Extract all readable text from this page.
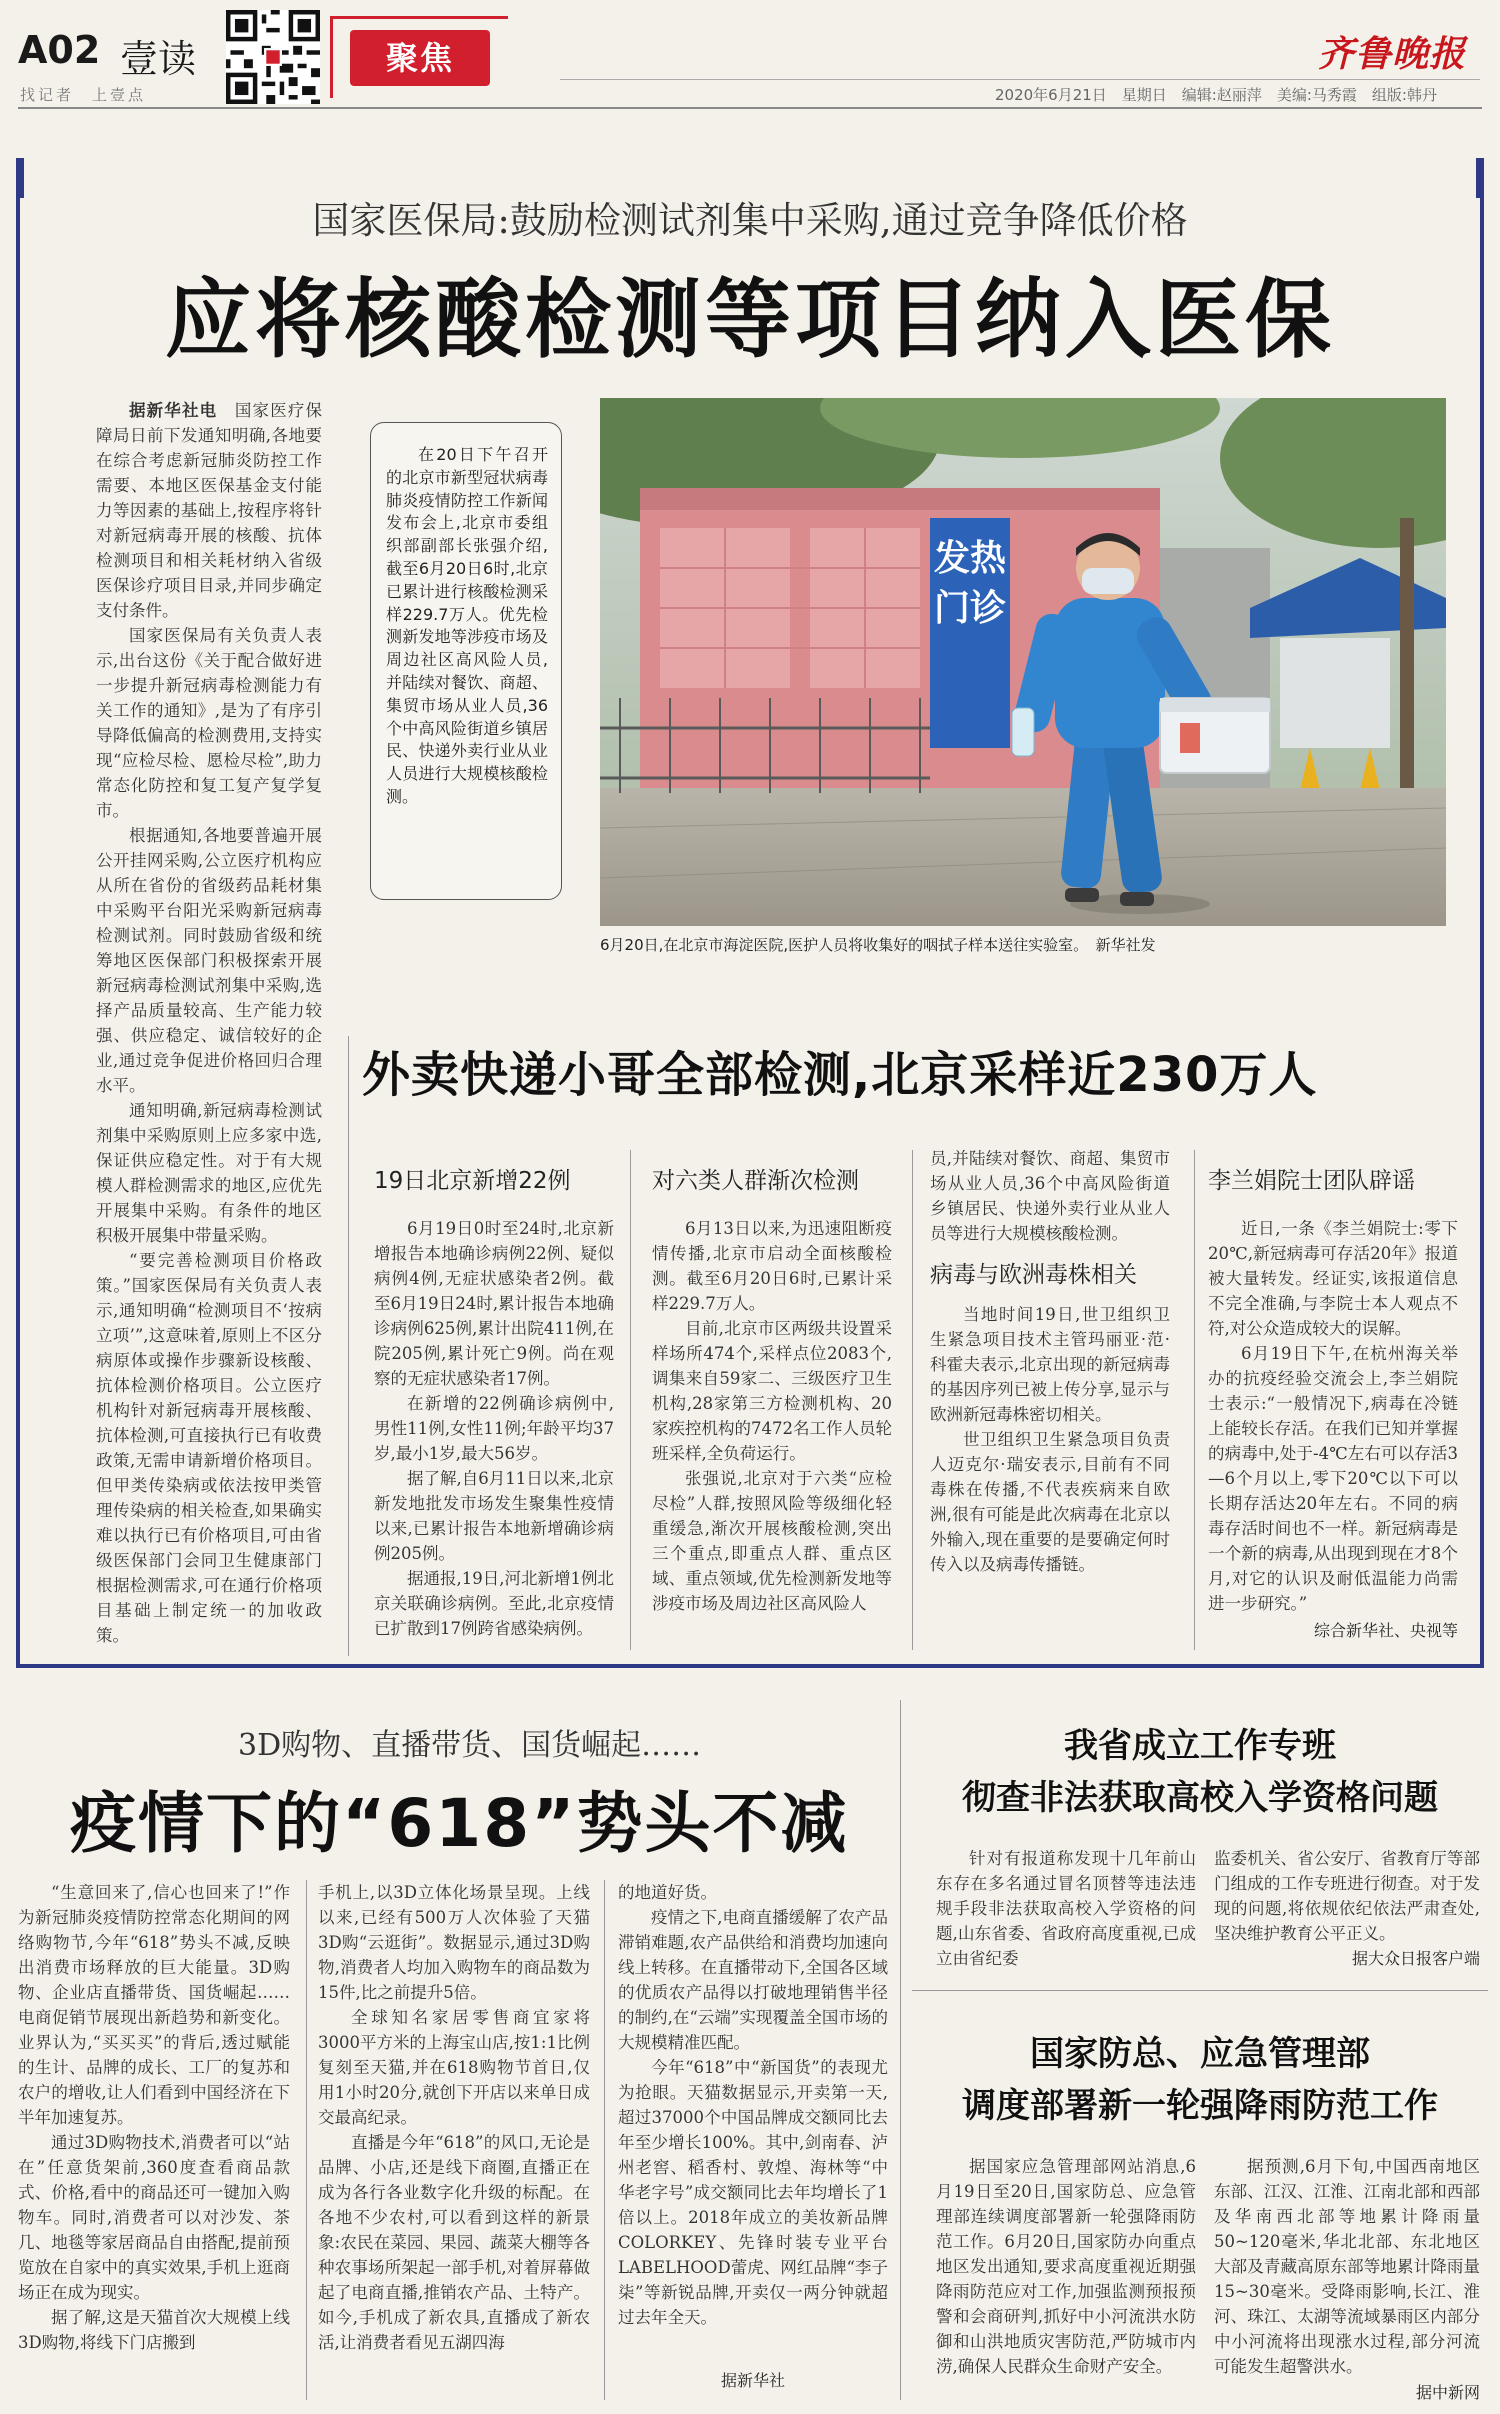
A02 壹读
找记者　上壹点
聚焦	齐鲁晚报
2020年6月21日　星期日　编辑:赵丽萍　美编:马秀霞　组版:韩丹
国家医保局:鼓励检测试剂集中采购,通过竞争降低价格
应将核酸检测等项目纳入医保

据新华社电　 国家医疗保障局日前下发通知明确,各地要在综合考虑新冠肺炎防控工作需要、本地区医保基金支付能力等因素的基础上,按程序将针对新冠病毒开展的核酸、抗体检测项目和相关耗材纳入省级医保诊疗项目目录,并同步确定支付条件。

国家医保局有关负责人表示,出台这份《关于配合做好进一步提升新冠病毒检测能力有关工作的通知》,是为了有序引导降低偏高的检测费用,支持实现“应检尽检、愿检尽检”,助力常态化防控和复工复产复学复市。

根据通知,各地要普遍开展公开挂网采购,公立医疗机构应从所在省份的省级药品耗材集中采购平台阳光采购新冠病毒检测试剂。同时鼓励省级和统筹地区医保部门积极探索开展新冠病毒检测试剂集中采购,选择产品质量较高、生产能力较强、供应稳定、诚信较好的企业,通过竞争促进价格回归合理水平。

通知明确,新冠病毒检测试剂集中采购原则上应多家中选,保证供应稳定性。对于有大规模人群检测需求的地区,应优先开展集中采购。有条件的地区积极开展集中带量采购。

“要完善检测项目价格政策。”国家医保局有关负责人表示,通知明确“检测项目不‘按病立项’”,这意味着,原则上不区分病原体或操作步骤新设核酸、抗体检测价格项目。公立医疗机构针对新冠病毒开展核酸、抗体检测,可直接执行已有收费政策,无需申请新增价格项目。但甲类传染病或依法按甲类管理传染病的相关检查,如果确实难以执行已有价格项目,可由省级医保部门会同卫生健康部门根据检测需求,可在通行价格项目基础上制定统一的加收政策。

在20日下午召开的北京市新型冠状病毒肺炎疫情防控工作新闻发布会上,北京市委组织部副部长张强介绍,截至6月20日6时,北京已累计进行核酸检测采样229.7万人。优先检测新发地等涉疫市场及周边社区高风险人员,并陆续对餐饮、商超、集贸市场从业人员,36个中高风险街道乡镇居民、快递外卖行业从业人员进行大规模核酸检测。

发热门诊
6月20日,在北京市海淀医院,医护人员将收集好的咽拭子样本送往实验室。　新华社发
外卖快递小哥全部检测,北京采样近230万人
19日北京新增22例

6月19日0时至24时,北京新增报告本地确诊病例22例、疑似病例4例,无症状感染者2例。截至6月19日24时,累计报告本地确诊病例625例,累计出院411例,在院205例,累计死亡9例。尚在观察的无症状感染者17例。

在新增的22例确诊病例中,男性11例,女性11例;年龄平均37岁,最小1岁,最大56岁。

据了解,自6月11日以来,北京新发地批发市场发生聚集性疫情以来,已累计报告本地新增确诊病例205例。

据通报,19日,河北新增1例北京关联确诊病例。至此,北京疫情已扩散到17例跨省感染病例。

对六类人群渐次检测

6月13日以来,为迅速阻断疫情传播,北京市启动全面核酸检测。截至6月20日6时,已累计采样229.7万人。

目前,北京市区两级共设置采样场所474个,采样点位2083个,调集来自59家二、三级医疗卫生机构,28家第三方检测机构、20家疾控机构的7472名工作人员轮班采样,全负荷运行。

张强说,北京对于六类“应检尽检”人群,按照风险等级细化轻重缓急,渐次开展核酸检测,突出三个重点,即重点人群、重点区域、重点领域,优先检测新发地等涉疫市场及周边社区高风险人

员,并陆续对餐饮、商超、集贸市场从业人员,36个中高风险街道乡镇居民、快递外卖行业从业人员等进行大规模核酸检测。

病毒与欧洲毒株相关

当地时间19日,世卫组织卫生紧急项目技术主管玛丽亚·范·科霍夫表示,北京出现的新冠病毒的基因序列已被上传分享,显示与欧洲新冠毒株密切相关。

世卫组织卫生紧急项目负责人迈克尔·瑞安表示,目前有不同毒株在传播,不代表疾病来自欧洲,很有可能是此次病毒在北京以外输入,现在重要的是要确定何时传入以及病毒传播链。

李兰娟院士团队辟谣

近日,一条《李兰娟院士:零下20℃,新冠病毒可存活20年》报道被大量转发。经证实,该报道信息不完全准确,与李院士本人观点不符,对公众造成较大的误解。

6月19日下午,在杭州海关举办的抗疫经验交流会上,李兰娟院士表示:“一般情况下,病毒在冷链上能较长存活。在我们已知并掌握的病毒中,处于-4℃左右可以存活3—6个月以上,零下20℃以下可以长期存活达20年左右。不同的病毒存活时间也不一样。新冠病毒是一个新的病毒,从出现到现在才8个月,对它的认识及耐低温能力尚需进一步研究。”

综合新华社、央视等
3D购物、直播带货、国货崛起……
疫情下的“618”势头不减

“生意回来了,信心也回来了!”作为新冠肺炎疫情防控常态化期间的网络购物节,今年“618”势头不减,反映出消费市场释放的巨大能量。3D购物、企业店直播带货、国货崛起……电商促销节展现出新趋势和新变化。业界认为,“买买买”的背后,透过赋能的生计、品牌的成长、工厂的复苏和农户的增收,让人们看到中国经济在下半年加速复苏。

通过3D购物技术,消费者可以“站在”任意货架前,360度查看商品款式、价格,看中的商品还可一键加入购物车。同时,消费者可以对沙发、茶几、地毯等家居商品自由搭配,提前预览放在自家中的真实效果,手机上逛商场正在成为现实。

据了解,这是天猫首次大规模上线3D购物,将线下门店搬到

手机上,以3D立体化场景呈现。上线以来,已经有500万人次体验了天猫3D购“云逛街”。数据显示,通过3D购物,消费者人均加入购物车的商品数为15件,比之前提升5倍。

全球知名家居零售商宜家将3000平方米的上海宝山店,按1:1比例复刻至天猫,并在618购物节首日,仅用1小时20分,就创下开店以来单日成交最高纪录。

直播是今年“618”的风口,无论是品牌、小店,还是线下商圈,直播正在成为各行各业数字化升级的标配。在各地不少农村,可以看到这样的新景象:农民在菜园、果园、蔬菜大棚等各种农事场所架起一部手机,对着屏幕做起了电商直播,推销农产品、土特产。如今,手机成了新农具,直播成了新农活,让消费者看见五湖四海

的地道好货。

疫情之下,电商直播缓解了农产品滞销难题,农产品供给和消费均加速向线上转移。在直播带动下,全国各区域的优质农产品得以打破地理销售半径的制约,在“云端”实现覆盖全国市场的大规模精准匹配。

今年“618”中“新国货”的表现尤为抢眼。天猫数据显示,开卖第一天,超过37000个中国品牌成交额同比去年至少增长100%。其中,剑南春、泸州老窖、稻香村、敦煌、海林等“中华老字号”成交额同比去年均增长了1倍以上。2018年成立的美妆新品牌COLORKEY、先锋时装专业平台LABELHOOD蕾虎、网红品牌“李子柒”等新锐品牌,开卖仅一两分钟就超过去年全天。

据新华社
我省成立工作专班
彻查非法获取高校入学资格问题

针对有报道称发现十几年前山东存在多名通过冒名顶替等违法违规手段非法获取高校入学资格的问题,山东省委、省政府高度重视,已成立由省纪委

监委机关、省公安厅、省教育厅等部门组成的工作专班进行彻查。对于发现的问题,将依规依纪依法严肃查处,坚决维护教育公平正义。

据大众日报客户端
国家防总、应急管理部
调度部署新一轮强降雨防范工作

据国家应急管理部网站消息,6月19日至20日,国家防总、应急管理部连续调度部署新一轮强降雨防范工作。6月20日,国家防办向重点地区发出通知,要求高度重视近期强降雨防范应对工作,加强监测预报预警和会商研判,抓好中小河流洪水防御和山洪地质灾害防范,严防城市内涝,确保人民群众生命财产安全。

据预测,6月下旬,中国西南地区东部、江汉、江淮、江南北部和西部及华南西北部等地累计降雨量50~120毫米,华北北部、东北地区大部及青藏高原东部等地累计降雨量15~30毫米。受降雨影响,长江、淮河、珠江、太湖等流域暴雨区内部分中小河流将出现涨水过程,部分河流可能发生超警洪水。

据中新网
